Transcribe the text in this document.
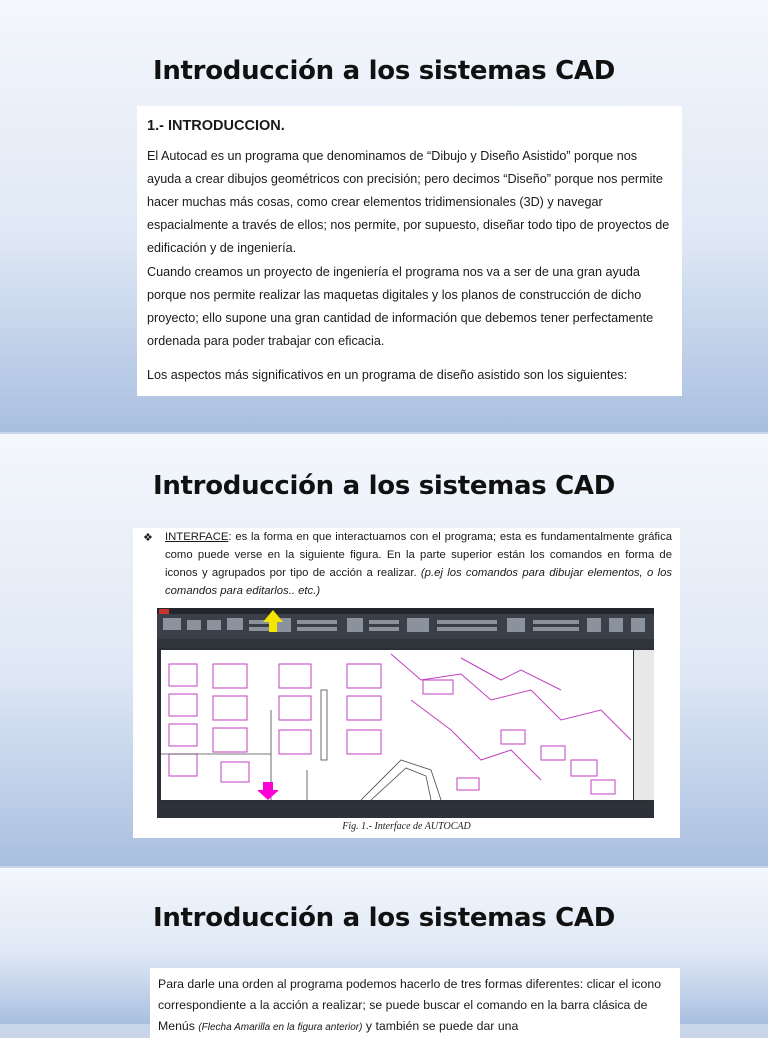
Introducción a los sistemas CAD
1.- INTRODUCCION.

El Autocad es un programa que denominamos de “Dibujo y Diseño Asistido” porque nos ayuda a crear dibujos geométricos con precisión; pero decimos “Diseño” porque nos permite hacer muchas más cosas, como crear elementos tridimensionales (3D) y navegar espacialmente a través de ellos; nos permite, por supuesto, diseñar todo tipo de proyectos de edificación y de ingeniería.

Cuando creamos un proyecto de ingeniería el programa nos va a ser de una gran ayuda porque nos permite realizar las maquetas digitales y los planos de construcción de dicho proyecto; ello supone una gran cantidad de información que debemos tener perfectamente ordenada para poder trabajar con eficacia.

Los aspectos más significativos en un programa de diseño asistido son los siguientes:

Introducción a los sistemas CAD
❖ INTERFACE: es la forma en que interactuamos con el programa; esta es fundamentalmente gráfica como puede verse en la siguiente figura. En la parte superior están los comandos en forma de iconos y agrupados por tipo de acción a realizar. (p.ej los comandos para dibujar elementos, o los comandos para editarlos.. etc.)

Fig. 1.- Interface de AUTOCAD
Introducción a los sistemas CAD

Para darle una orden al programa podemos hacerlo de tres formas diferentes: clicar el icono correspondiente a la acción a realizar; se puede buscar el comando en la barra clásica de Menús (Flecha Amarilla en la figura anterior) y también se puede dar una
